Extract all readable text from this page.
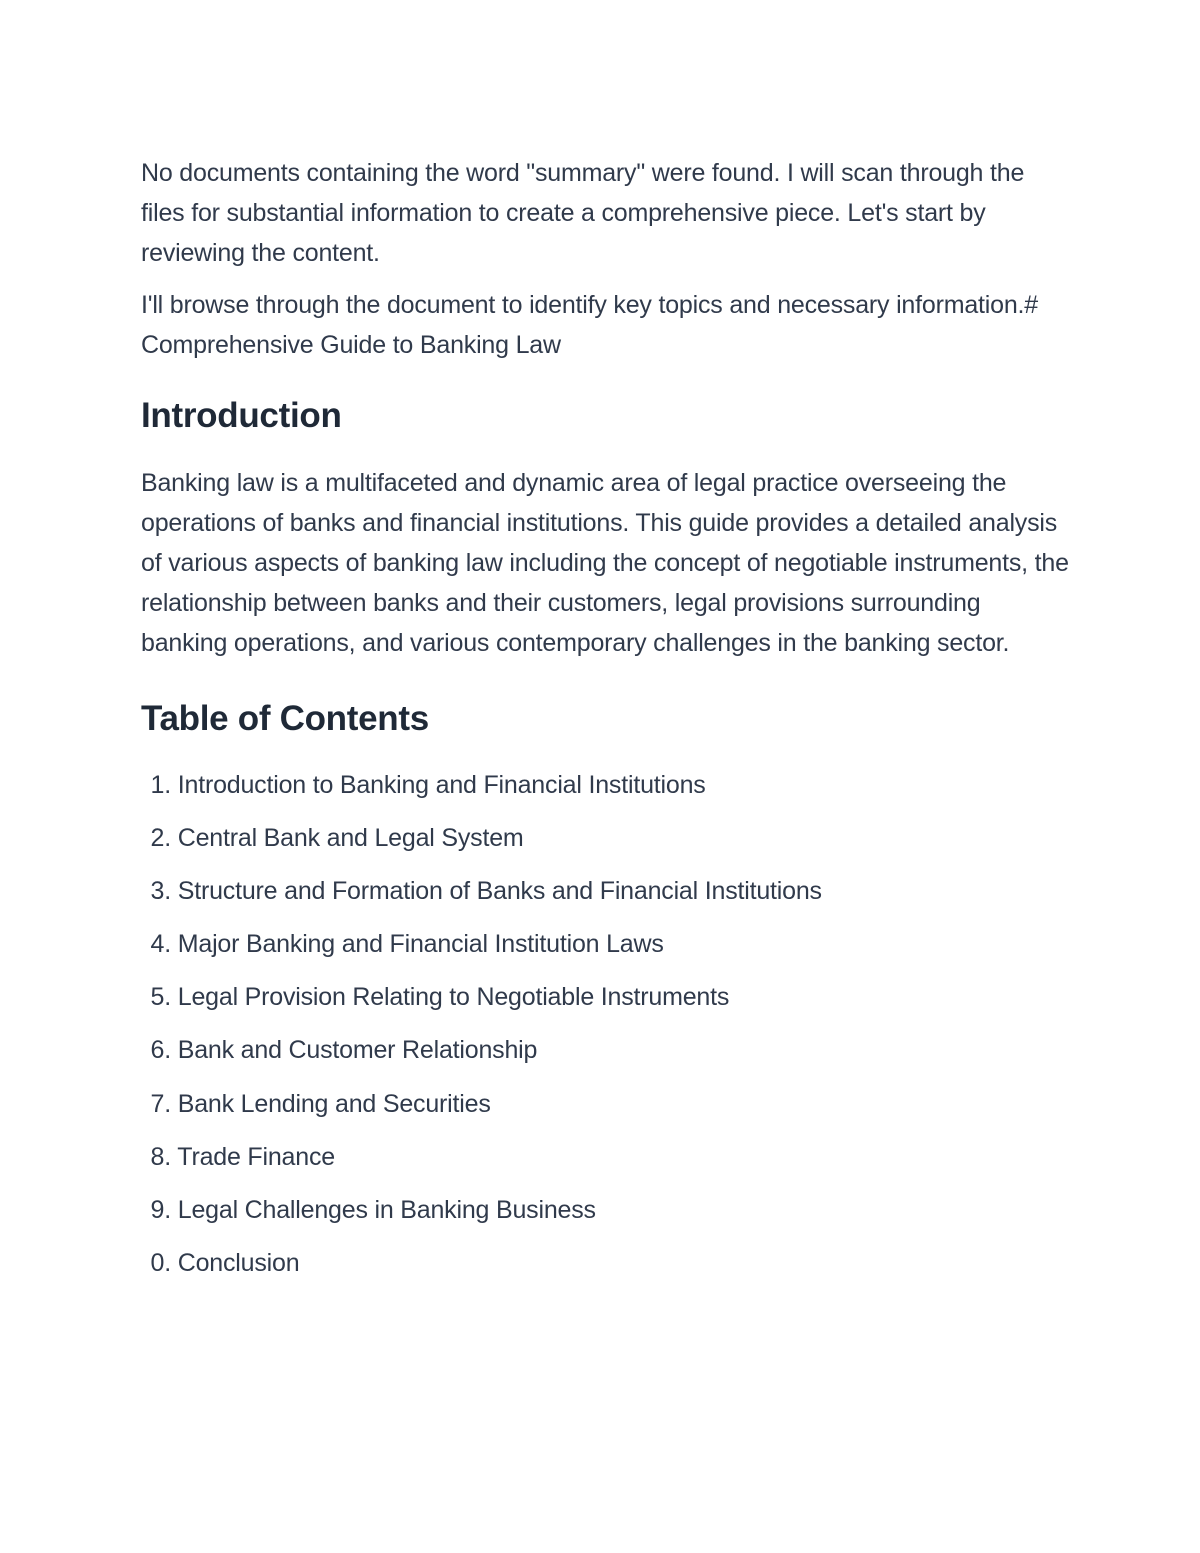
No documents containing the word "summary" were found. I will scan through the files for substantial information to create a comprehensive piece. Let's start by reviewing the content.

I'll browse through the document to identify key topics and necessary information.# Comprehensive Guide to Banking Law

Introduction

Banking law is a multifaceted and dynamic area of legal practice overseeing the operations of banks and financial institutions. This guide provides a detailed analysis of various aspects of banking law including the concept of negotiable instruments, the relationship between banks and their customers, legal provisions surrounding banking operations, and various contemporary challenges in the banking sector.

Table of Contents
1. Introduction to Banking and Financial Institutions
2. Central Bank and Legal System
3. Structure and Formation of Banks and Financial Institutions
4. Major Banking and Financial Institution Laws
5. Legal Provision Relating to Negotiable Instruments
6. Bank and Customer Relationship
7. Bank Lending and Securities
8. Trade Finance
9. Legal Challenges in Banking Business
0. Conclusion
